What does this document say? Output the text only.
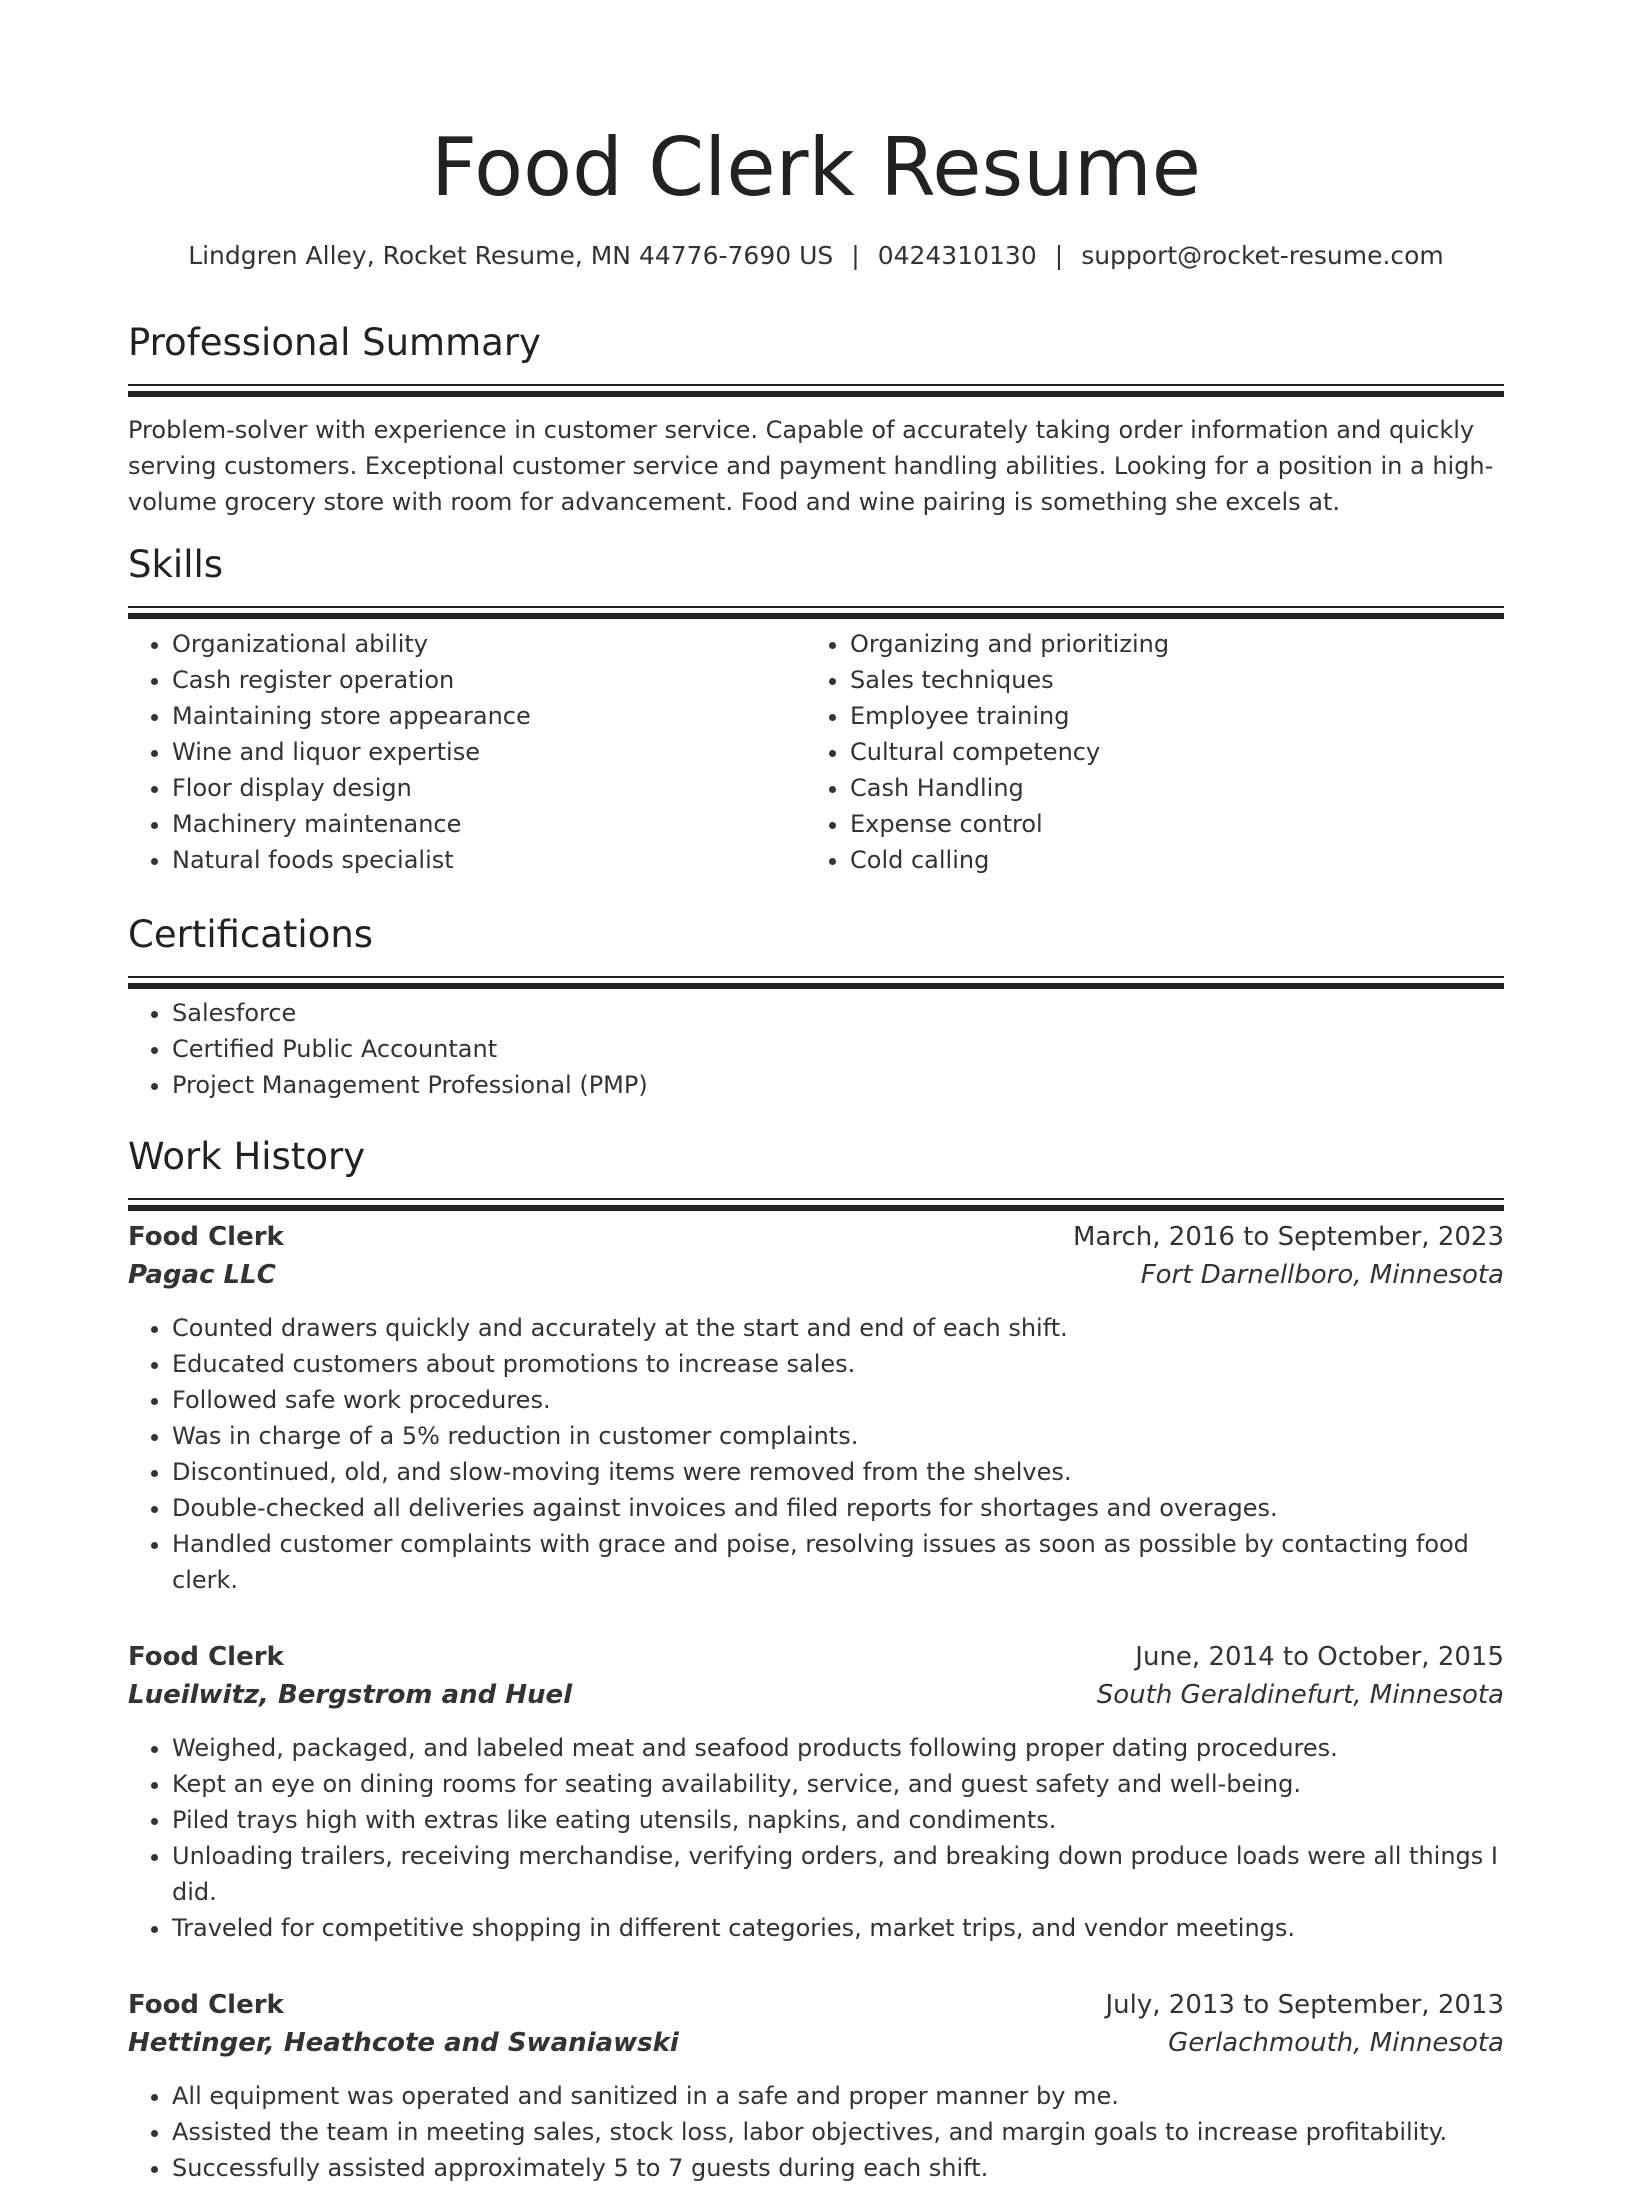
Food Clerk Resume
Lindgren Alley, Rocket Resume, MN 44776-7690 US | 0424310130 | support@rocket-resume.com
Professional Summary

Problem-solver with experience in customer service. Capable of accurately taking order information and quickly serving customers. Exceptional customer service and payment handling abilities. Looking for a position in a high-volume grocery store with room for advancement. Food and wine pairing is something she excels at.

Skills
• Organizational ability
• Cash register operation
• Maintaining store appearance
• Wine and liquor expertise
• Floor display design
• Machinery maintenance
• Natural foods specialist
• Organizing and prioritizing
• Sales techniques
• Employee training
• Cultural competency
• Cash Handling
• Expense control
• Cold calling
Certifications
• Salesforce
• Certified Public Accountant
• Project Management Professional (PMP)
Work History
Food Clerk	March, 2016 to September, 2023
Pagac LLC	Fort Darnellboro, Minnesota
• Counted drawers quickly and accurately at the start and end of each shift.
• Educated customers about promotions to increase sales.
• Followed safe work procedures.
• Was in charge of a 5% reduction in customer complaints.
• Discontinued, old, and slow-moving items were removed from the shelves.
• Double-checked all deliveries against invoices and filed reports for shortages and overages.
• Handled customer complaints with grace and poise, resolving issues as soon as possible by contacting food clerk.
Food Clerk	June, 2014 to October, 2015
Lueilwitz, Bergstrom and Huel	South Geraldinefurt, Minnesota
• Weighed, packaged, and labeled meat and seafood products following proper dating procedures.
• Kept an eye on dining rooms for seating availability, service, and guest safety and well-being.
• Piled trays high with extras like eating utensils, napkins, and condiments.
• Unloading trailers, receiving merchandise, verifying orders, and breaking down produce loads were all things I did.
• Traveled for competitive shopping in different categories, market trips, and vendor meetings.
Food Clerk	July, 2013 to September, 2013
Hettinger, Heathcote and Swaniawski	Gerlachmouth, Minnesota
• All equipment was operated and sanitized in a safe and proper manner by me.
• Assisted the team in meeting sales, stock loss, labor objectives, and margin goals to increase profitability.
• Successfully assisted approximately 5 to 7 guests during each shift.
